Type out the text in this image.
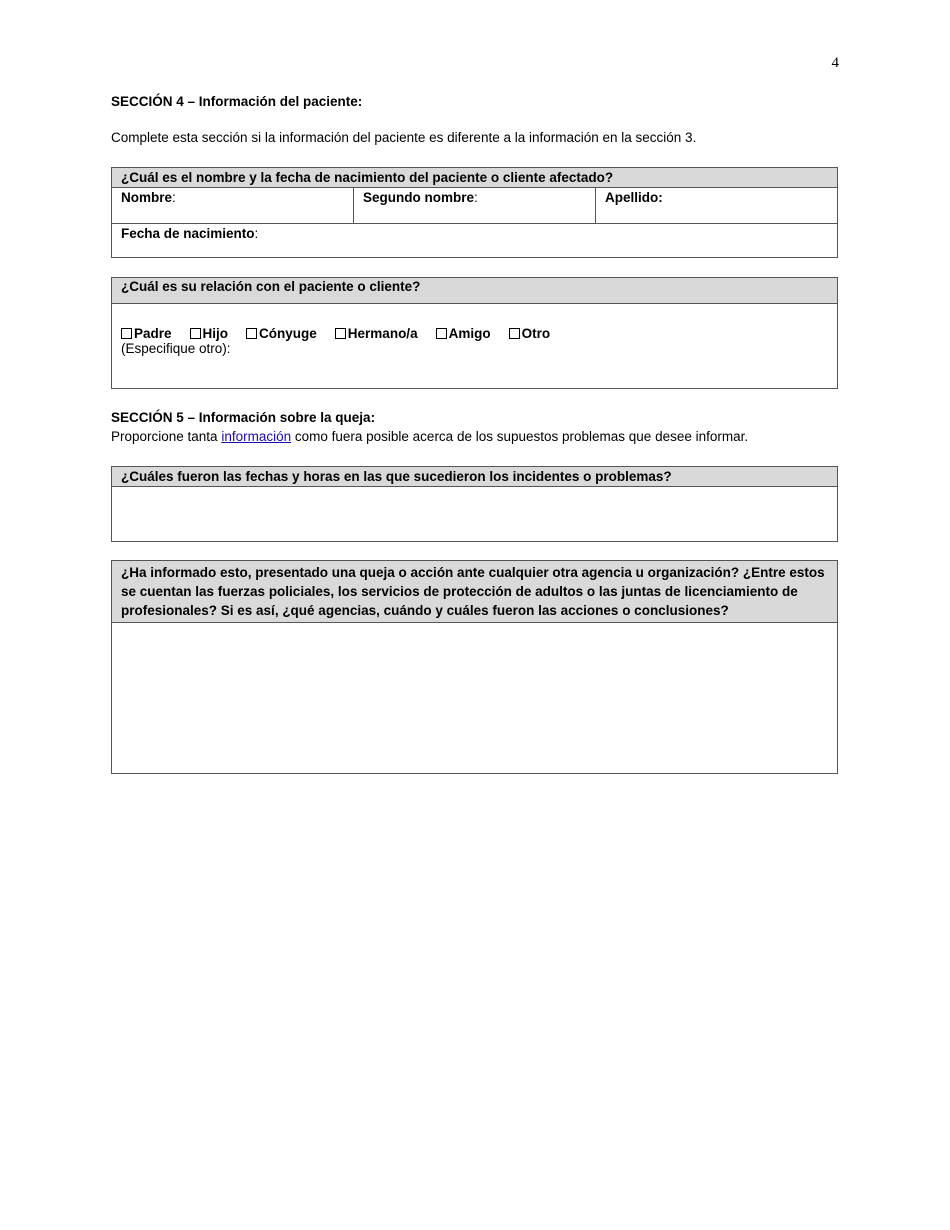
4
SECCIÓN 4 – Información del paciente:
Complete esta sección si la información del paciente es diferente a la información en la sección 3.
¿Cuál es el nombre y la fecha de nacimiento del paciente o cliente afectado?
Nombre:	Segundo nombre:	Apellido:
Fecha de nacimiento:
¿Cuál es su relación con el paciente o cliente?

Padre Hijo Cónyuge Hermano/a Amigo Otro
(Especifique otro):
SECCIÓN 5 – Información sobre la queja:
Proporcione tanta información como fuera posible acerca de los supuestos problemas que desee informar.
¿Cuáles fueron las fechas y horas en las que sucedieron los incidentes o problemas?

¿Ha informado esto, presentado una queja o acción ante cualquier otra agencia u organización? ¿Entre estos se cuentan las fuerzas policiales, los servicios de protección de adultos o las juntas de licenciamiento de profesionales? Si es así, ¿qué agencias, cuándo y cuáles fueron las acciones o conclusiones?
